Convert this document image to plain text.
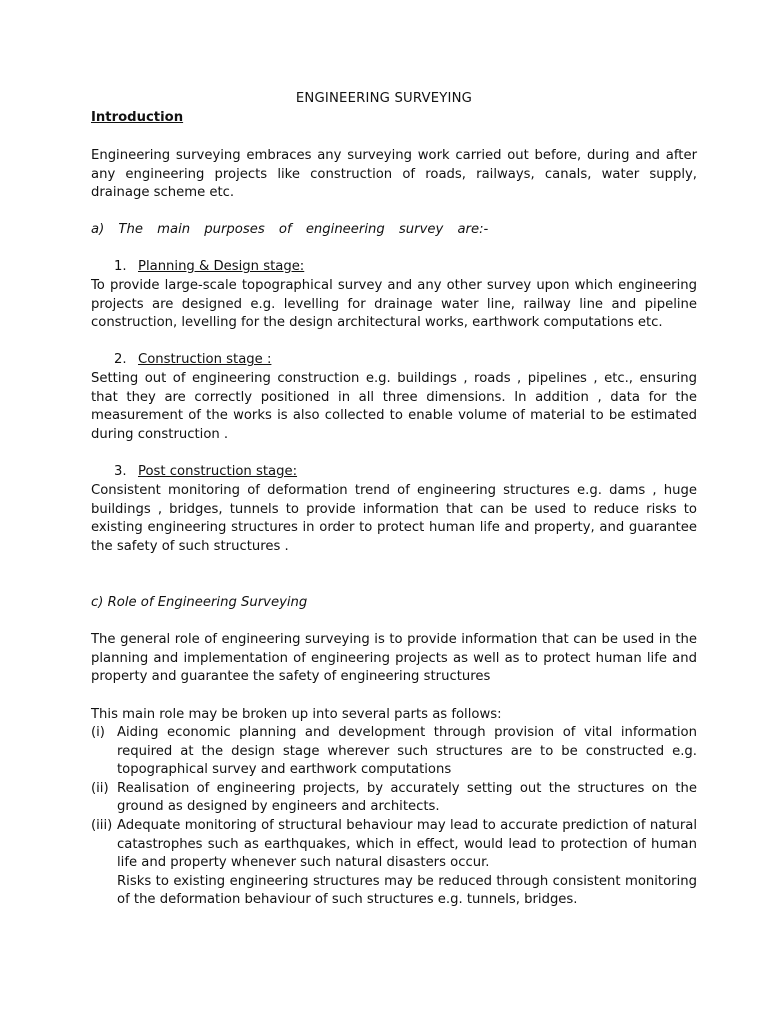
ENGINEERING SURVEYING
Introduction
Engineering surveying embraces any surveying work carried out before, during and after any engineering projects like construction of roads, railways, canals, water supply, drainage scheme etc.
a) The main purposes of engineering survey are:-
1. Planning & Design stage:
To provide large-scale topographical survey and any other survey upon which engineering projects are designed e.g. levelling for drainage water line, railway line and pipeline construction, levelling for the design architectural works, earthwork computations etc.
2. Construction stage :
Setting out of engineering construction e.g. buildings , roads , pipelines , etc., ensuring that they are correctly positioned in all three dimensions. In addition , data for the measurement of the works is also collected to enable volume of material to be estimated during construction .
3. Post construction stage:
Consistent monitoring of deformation trend of engineering structures e.g. dams , huge buildings , bridges, tunnels to provide information that can be used to reduce risks to existing engineering structures in order to protect human life and property, and guarantee the safety of such structures .
c) Role of Engineering Surveying
The general role of engineering surveying is to provide information that can be used in the planning and implementation of engineering projects as well as to protect human life and property and guarantee the safety of engineering structures
This main role may be broken up into several parts as follows:
(i) Aiding economic planning and development through provision of vital information required at the design stage wherever such structures are to be constructed e.g. topographical survey and earthwork computations
(ii) Realisation of engineering projects, by accurately setting out the structures on the ground as designed by engineers and architects.
(iii) Adequate monitoring of structural behaviour may lead to accurate prediction of natural catastrophes such as earthquakes, which in effect, would lead to protection of human life and property whenever such natural disasters occur.
Risks to existing engineering structures may be reduced through consistent monitoring of the deformation behaviour of such structures e.g. tunnels, bridges.
